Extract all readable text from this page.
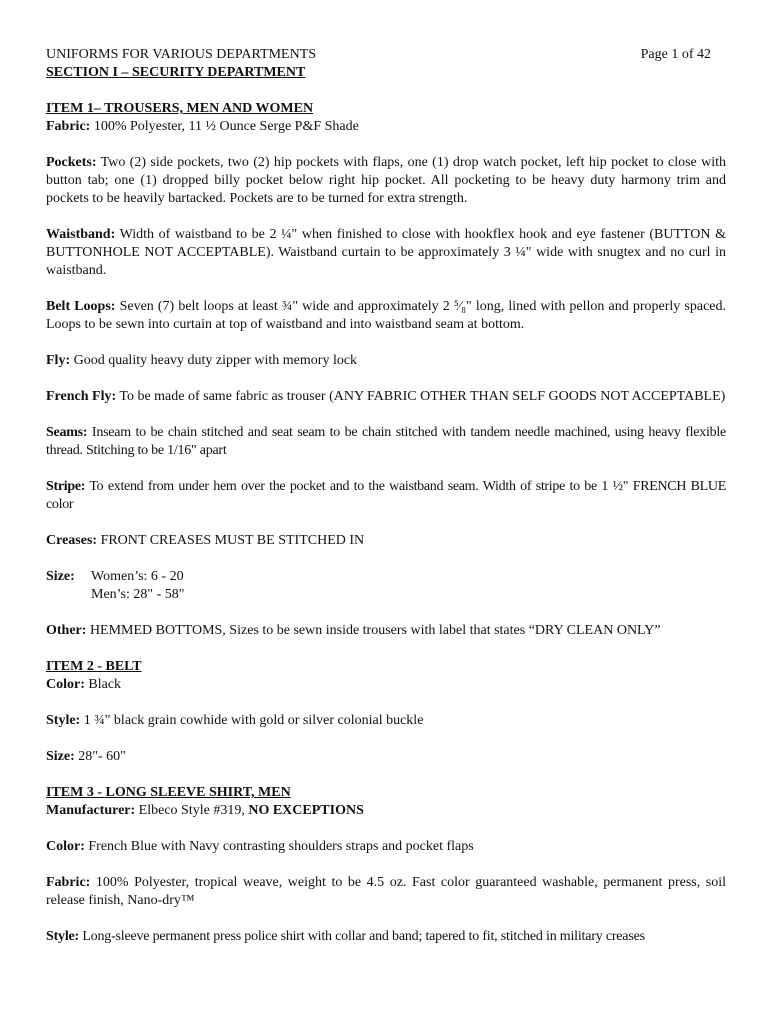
UNIFORMS FOR VARIOUS DEPARTMENTS	Page 1 of 42
SECTION I – SECURITY DEPARTMENT
ITEM 1– TROUSERS, MEN AND WOMEN
Fabric: 100% Polyester, 11 ½ Ounce Serge P&F Shade
Pockets: Two (2) side pockets, two (2) hip pockets with flaps, one (1) drop watch pocket, left hip pocket to close with button tab; one (1) dropped billy pocket below right hip pocket. All pocketing to be heavy duty harmony trim and pockets to be heavily bartacked. Pockets are to be turned for extra strength.
Waistband: Width of waistband to be 2 ¼" when finished to close with hookflex hook and eye fastener (BUTTON & BUTTONHOLE NOT ACCEPTABLE). Waistband curtain to be approximately 3 ¼" wide with snugtex and no curl in waistband.
Belt Loops: Seven (7) belt loops at least ¾" wide and approximately 2 ⁵⁄₈" long, lined with pellon and properly spaced. Loops to be sewn into curtain at top of waistband and into waistband seam at bottom.
Fly: Good quality heavy duty zipper with memory lock
French Fly: To be made of same fabric as trouser (ANY FABRIC OTHER THAN SELF GOODS NOT ACCEPTABLE)
Seams: Inseam to be chain stitched and seat seam to be chain stitched with tandem needle machined, using heavy flexible thread. Stitching to be 1/16" apart
Stripe: To extend from under hem over the pocket and to the waistband seam. Width of stripe to be 1 ½" FRENCH BLUE color
Creases: FRONT CREASES MUST BE STITCHED IN
Size:	Women’s: 6 - 20
Men’s: 28" - 58"
Other: HEMMED BOTTOMS, Sizes to be sewn inside trousers with label that states “DRY CLEAN ONLY”
ITEM 2 - BELT
Color: Black
Style: 1 ¾" black grain cowhide with gold or silver colonial buckle
Size: 28"- 60"
ITEM 3 - LONG SLEEVE SHIRT, MEN
Manufacturer: Elbeco Style #319, NO EXCEPTIONS
Color: French Blue with Navy contrasting shoulders straps and pocket flaps
Fabric: 100% Polyester, tropical weave, weight to be 4.5 oz. Fast color guaranteed washable, permanent press, soil release finish, Nano-dry™
Style: Long-sleeve permanent press police shirt with collar and band; tapered to fit, stitched in military creases
